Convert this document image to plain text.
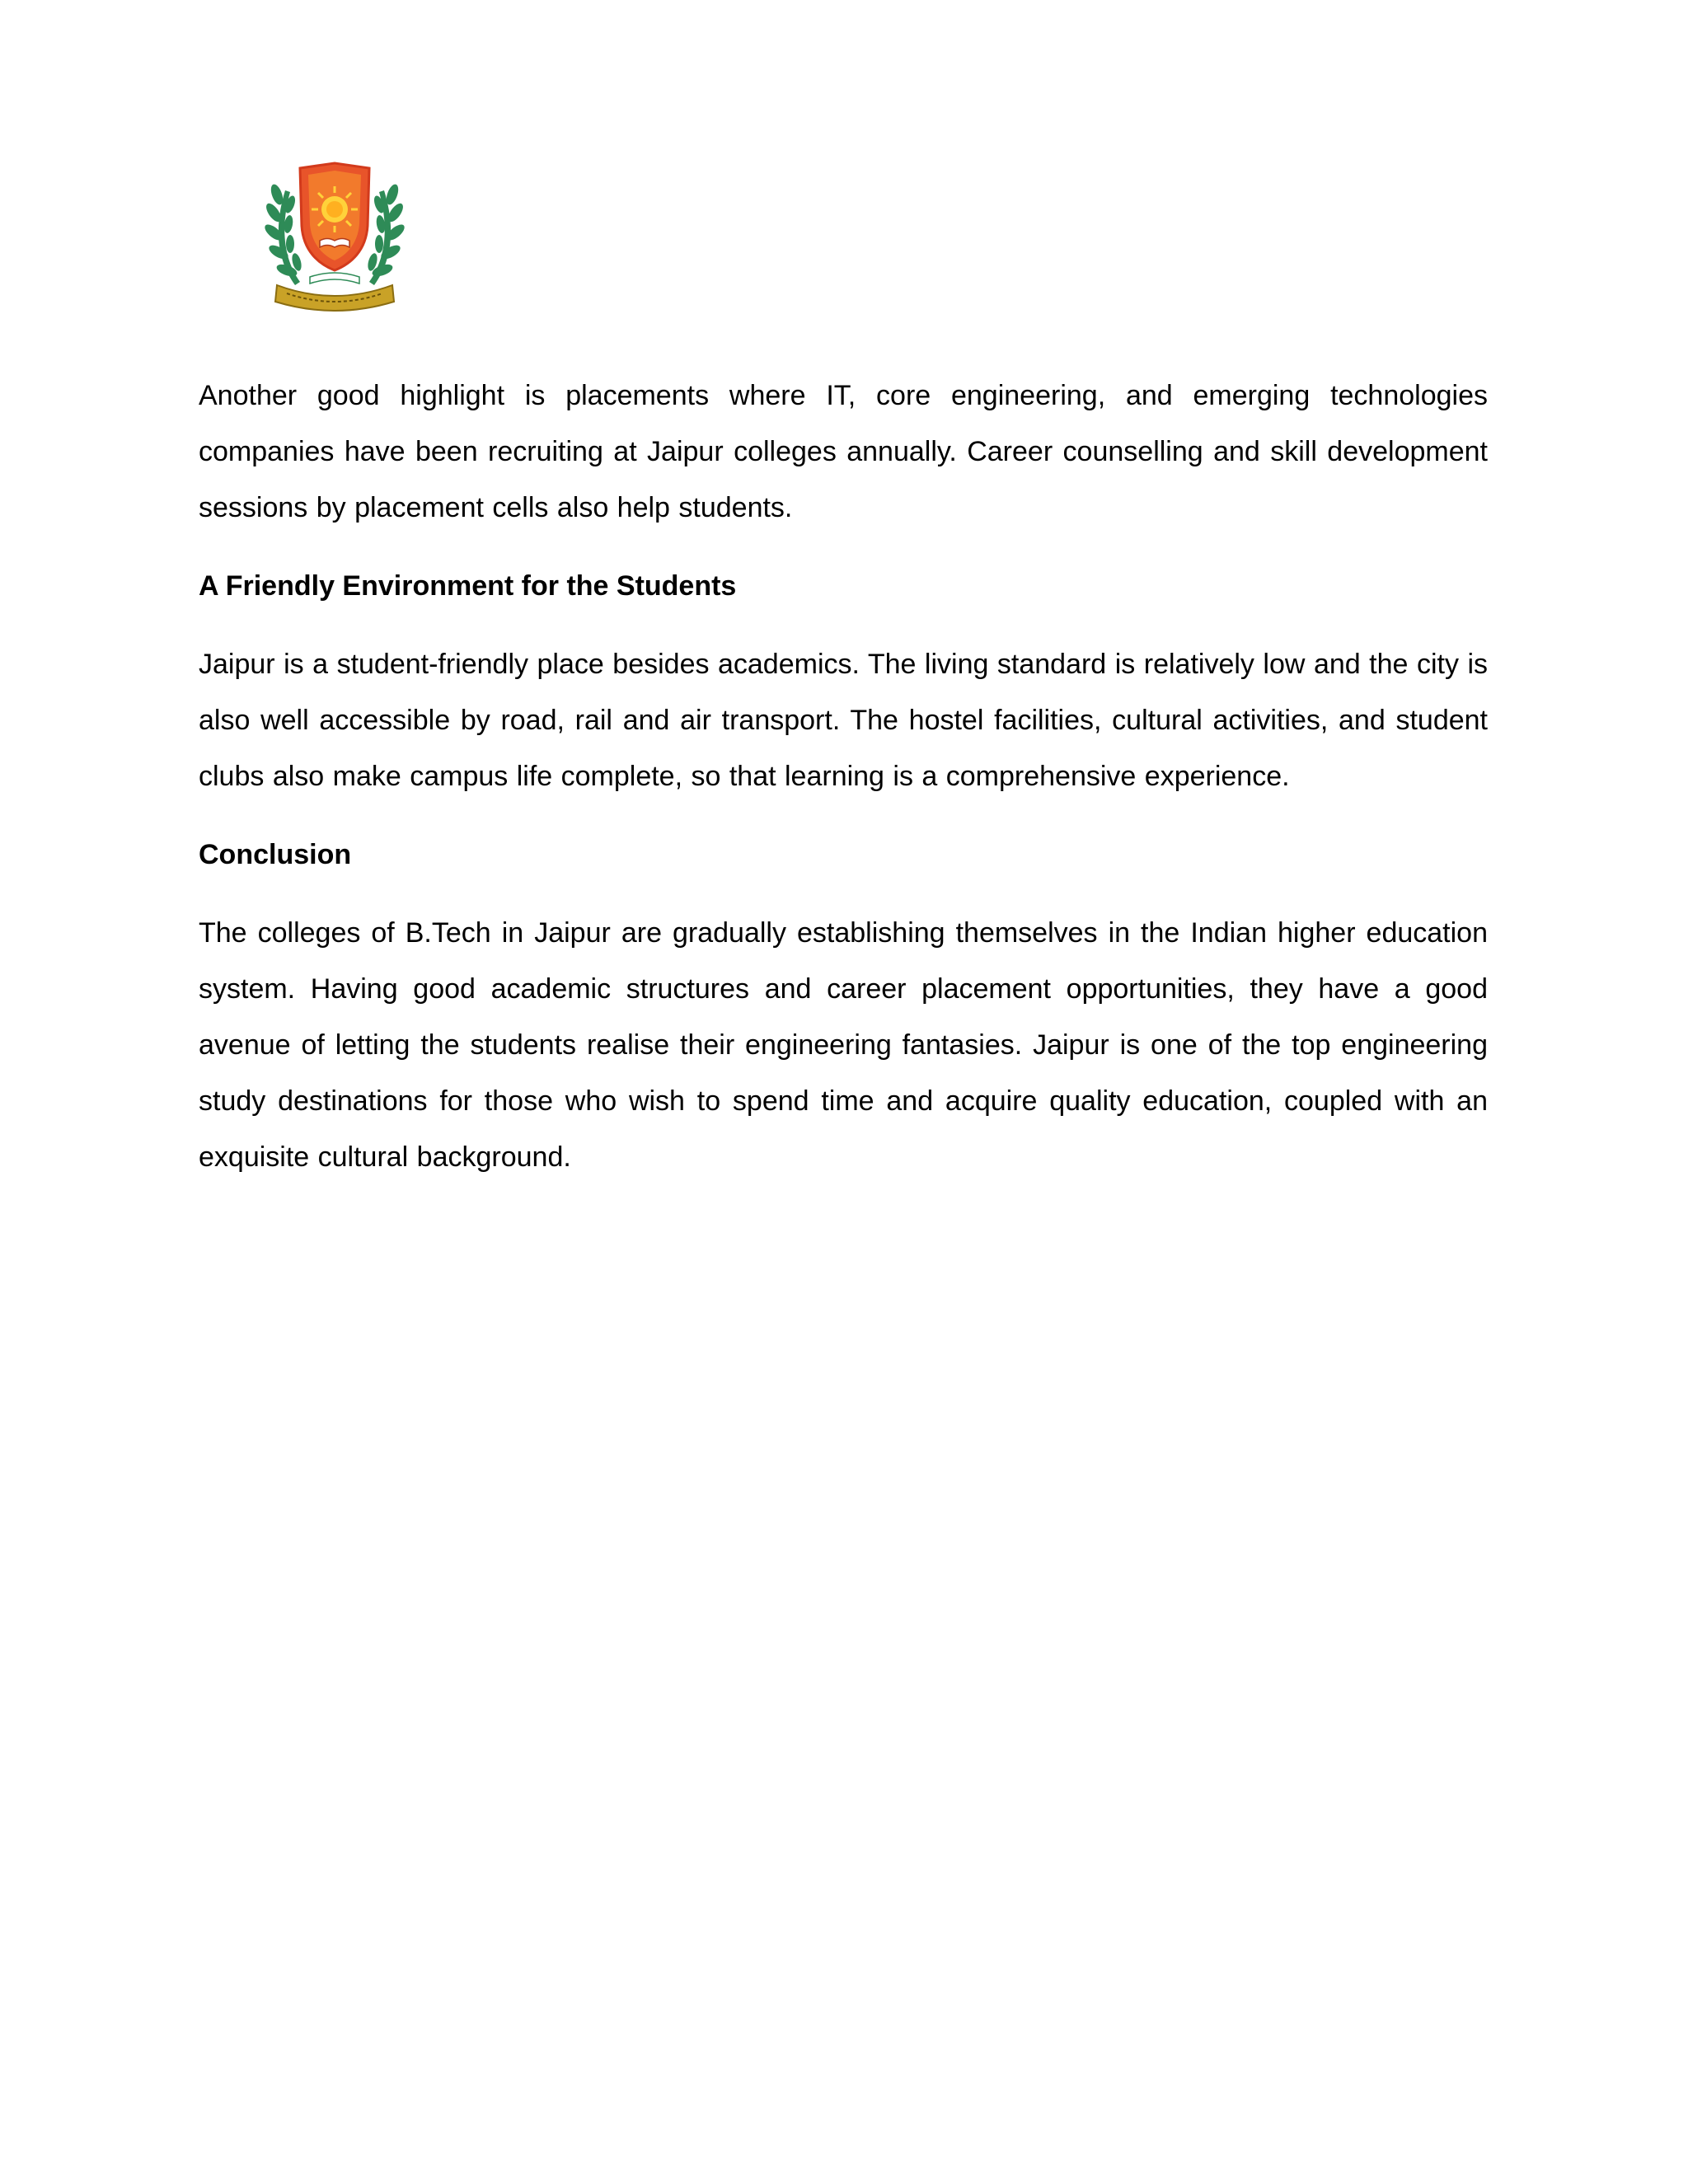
Another good highlight is placements where IT, core engineering, and emerging technologies companies have been recruiting at Jaipur colleges annually. Career counselling and skill development sessions by placement cells also help students.

A Friendly Environment for the Students

Jaipur is a student-friendly place besides academics. The living standard is relatively low and the city is also well accessible by road, rail and air transport. The hostel facilities, cultural activities, and student clubs also make campus life complete, so that learning is a comprehensive experience.

Conclusion

The colleges of B.Tech in Jaipur are gradually establishing themselves in the Indian higher education system. Having good academic structures and career placement opportunities, they have a good avenue of letting the students realise their engineering fantasies. Jaipur is one of the top engineering study destinations for those who wish to spend time and acquire quality education, coupled with an exquisite cultural background.
